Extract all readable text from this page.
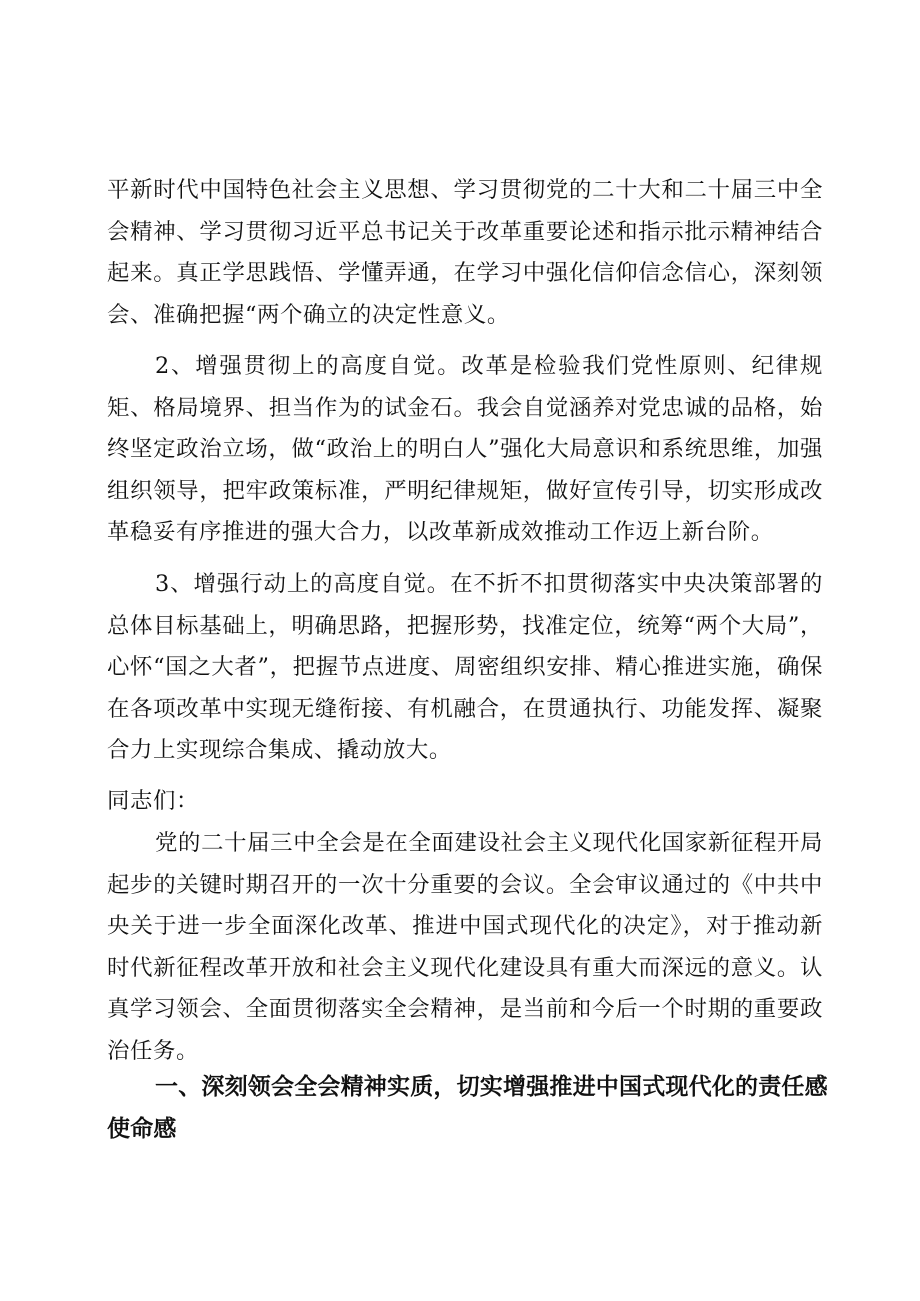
平新时代中国特色社会主义思想、学习贯彻党的二十大和二十届三中全会精神、学习贯彻习近平总书记关于改革重要论述和指示批示精神结合起来。真正学思践悟、学懂弄通，在学习中强化信仰信念信心，深刻领会、准确把握“两个确立的决定性意义。

2、增强贯彻上的高度自觉。改革是检验我们党性原则、纪律规矩、格局境界、担当作为的试金石。我会自觉涵养对党忠诚的品格，始终坚定政治立场，做“政治上的明白人”强化大局意识和系统思维，加强组织领导，把牢政策标准，严明纪律规矩，做好宣传引导，切实形成改革稳妥有序推进的强大合力，以改革新成效推动工作迈上新台阶。

3、增强行动上的高度自觉。在不折不扣贯彻落实中央决策部署的总体目标基础上，明确思路，把握形势，找准定位，统筹“两个大局”，心怀“国之大者”，把握节点进度、周密组织安排、精心推进实施，确保在各项改革中实现无缝衔接、有机融合，在贯通执行、功能发挥、凝聚合力上实现综合集成、撬动放大。

同志们：

党的二十届三中全会是在全面建设社会主义现代化国家新征程开局起步的关键时期召开的一次十分重要的会议。全会审议通过的《中共中央关于进一步全面深化改革、推进中国式现代化的决定》，对于推动新时代新征程改革开放和社会主义现代化建设具有重大而深远的意义。认真学习领会、全面贯彻落实全会精神，是当前和今后一个时期的重要政治任务。

一、深刻领会全会精神实质，切实增强推进中国式现代化的责任感使命感
